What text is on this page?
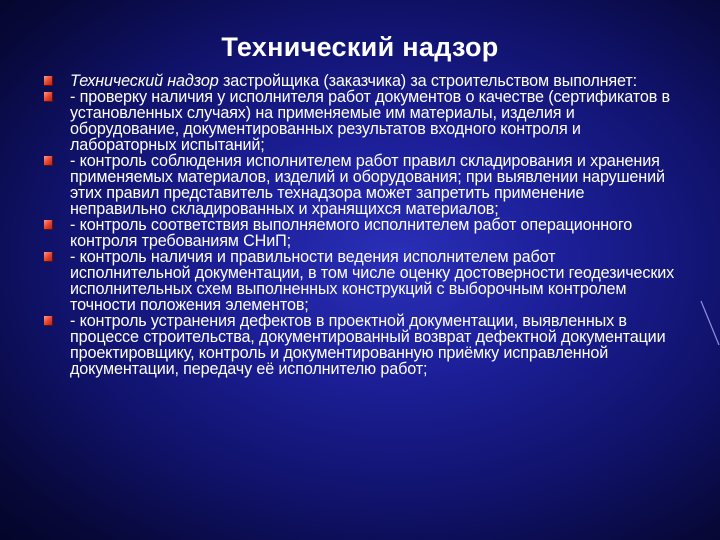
Технический надзор
Технический надзор застройщика (заказчика) за строительством выполняет:
- проверку наличия у исполнителя работ документов о качестве (сертификатов в установленных случаях) на применяемые им материалы, изделия и оборудование, документированных результатов входного контроля и лабораторных испытаний;
- контроль соблюдения исполнителем работ правил складирования и хранения применяемых материалов, изделий и оборудования; при выявлении нарушений этих правил представитель технадзора может запретить применение неправильно складированных и хранящихся материалов;
- контроль соответствия выполняемого исполнителем работ операционного контроля требованиям СНиП;
- контроль наличия и правильности ведения исполнителем работ исполнительной документации, в том числе оценку достоверности геодезических исполнительных схем выполненных конструкций с выборочным контролем точности положения элементов;
- контроль устранения дефектов в проектной документации, выявленных в процессе строительства, документированный возврат дефектной документации проектировщику, контроль и документированную приёмку исправленной документации, передачу её исполнителю работ;
